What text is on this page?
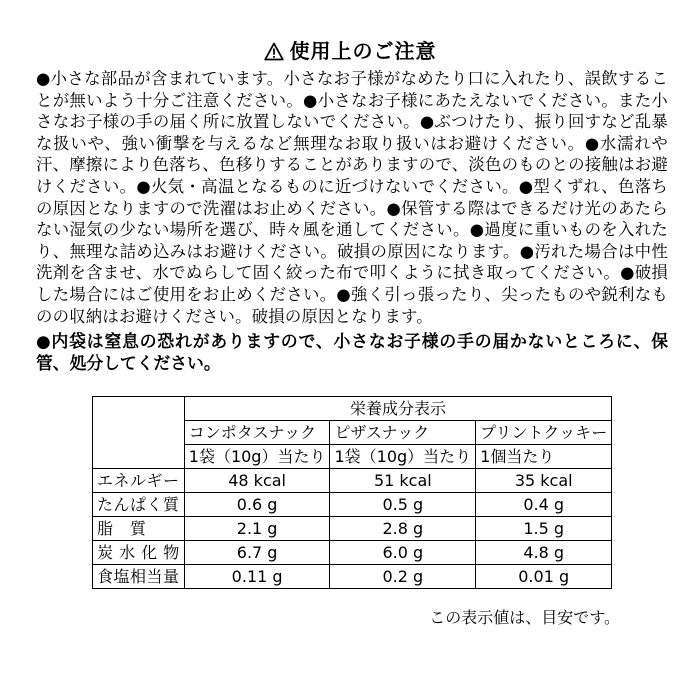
使用上のご注意
●小さな部品が含まれています。小さなお子様がなめたり口に入れたり、誤飲することが無いよう十分ご注意ください。●小さなお子様にあたえないでください。また小さなお子様の手の届く所に放置しないでください。●ぶつけたり、振り回すなど乱暴な扱いや、強い衝撃を与えるなど無理なお取り扱いはお避けください。●水濡れや汗、摩擦により色落ち、色移りすることがありますので、淡色のものとの接触はお避けください。●火気・高温となるものに近づけないでください。●型くずれ、色落ちの原因となりますので洗濯はお止めください。●保管する際はできるだけ光のあたらない湿気の少ない場所を選び、時々風を通してください。●過度に重いものを入れたり、無理な詰め込みはお避けください。破損の原因になります。●汚れた場合は中性洗剤を含ませ、水でぬらして固く絞った布で叩くように拭き取ってください。●破損した場合にはご使用をお止めください。●強く引っ張ったり、尖ったものや鋭利なものの収納はお避けください。破損の原因となります。
●内袋は窒息の恐れがありますので、小さなお子様の手の届かないところに、保管、処分してください。
	栄養成分表示		
	コンポタスナック	ピザスナック	プリントクッキー
	1袋（10g）当たり	1袋（10g）当たり	1個当たり
エネルギー	48 kcal	51 kcal	35 kcal
たんぱく質	0.6 g	0.5 g	0.4 g
脂　質	2.1 g	2.8 g	1.5 g
炭 水 化 物	6.7 g	6.0 g	4.8 g
食塩相当量	0.11 g	0.2 g	0.01 g
この表示値は、目安です。
